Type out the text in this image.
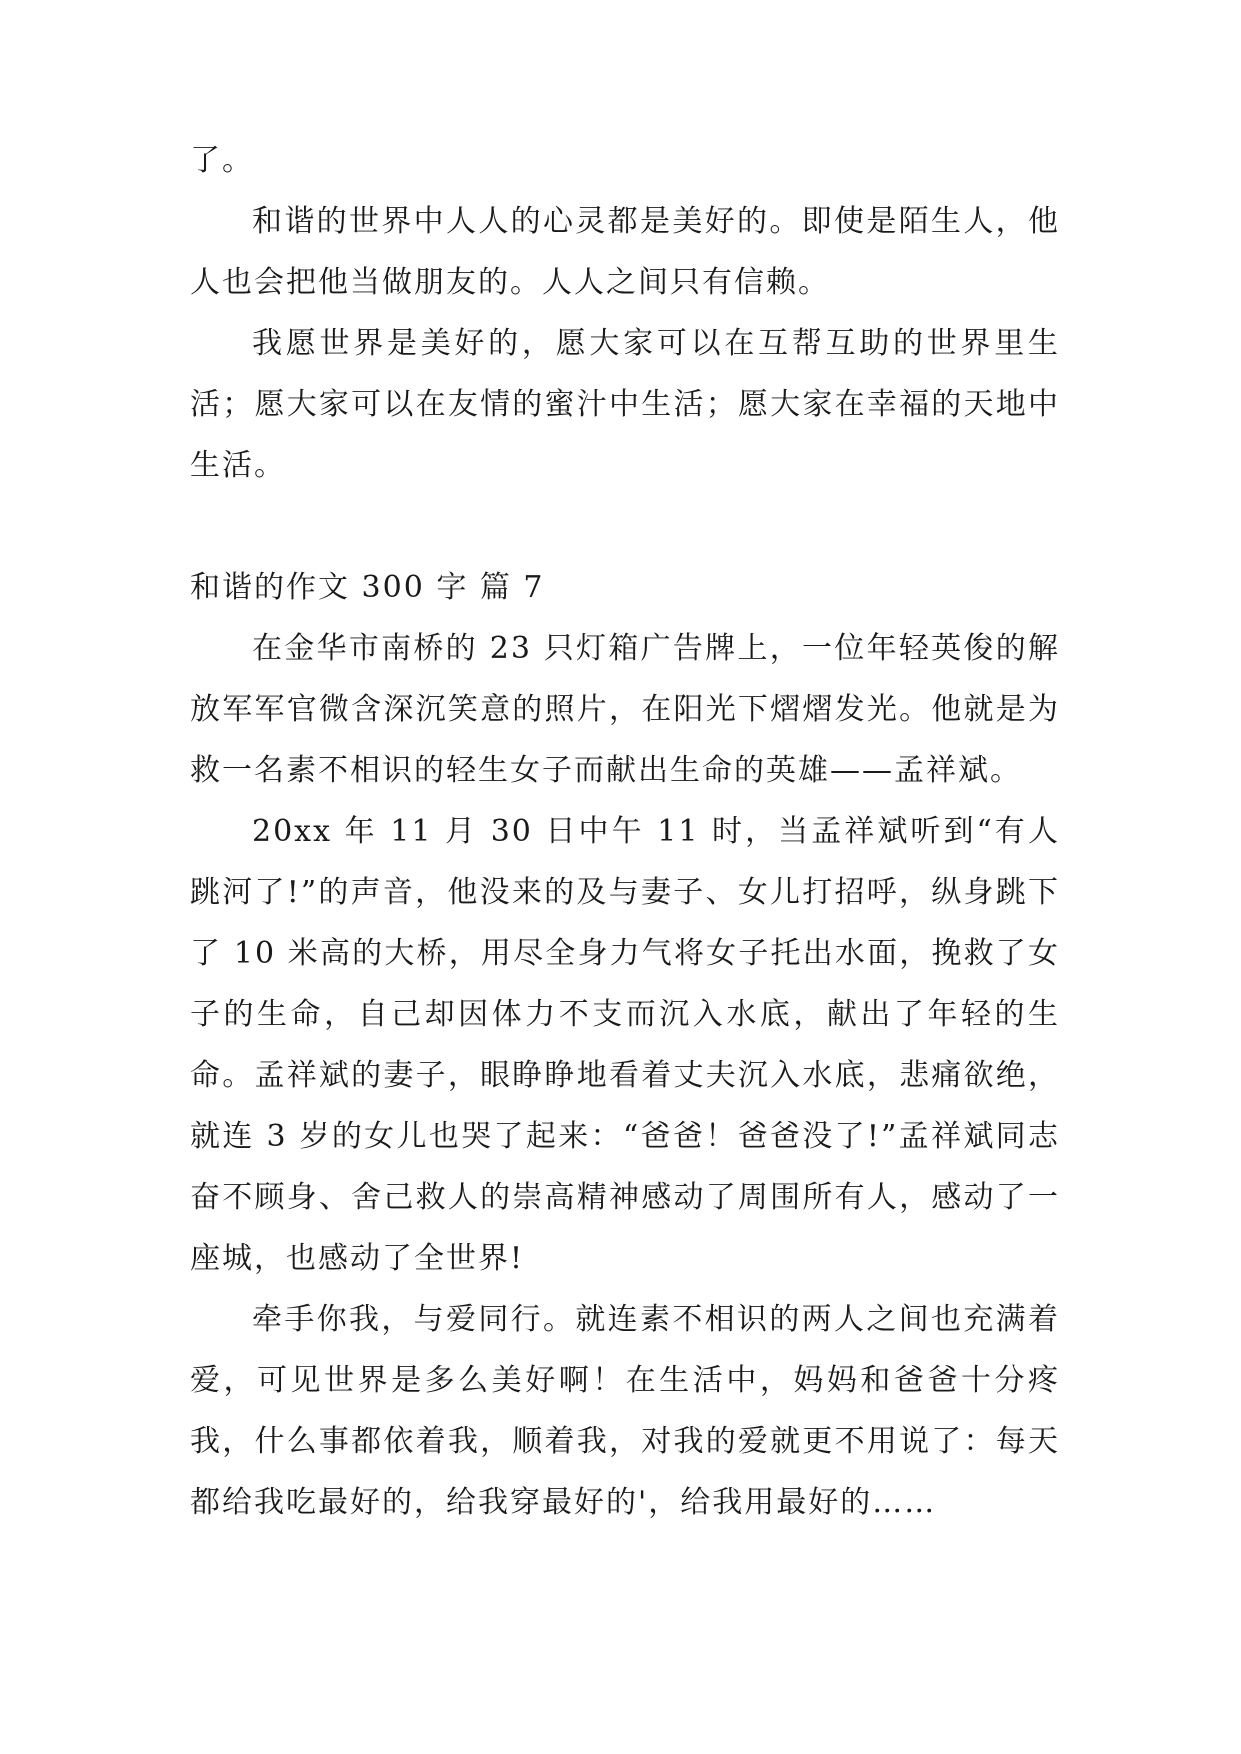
了。

和谐的世界中人人的心灵都是美好的。即使是陌生人，他人也会把他当做朋友的。人人之间只有信赖。

我愿世界是美好的，愿大家可以在互帮互助的世界里生活；愿大家可以在友情的蜜汁中生活；愿大家在幸福的天地中生活。

和谐的作文 300 字 篇 7

在金华市南桥的 23 只灯箱广告牌上，一位年轻英俊的解放军军官微含深沉笑意的照片，在阳光下熠熠发光。他就是为救一名素不相识的轻生女子而献出生命的英雄——孟祥斌。

20xx 年 11 月 30 日中午 11 时，当孟祥斌听到“有人跳河了!”的声音，他没来的及与妻子、女儿打招呼，纵身跳下了 10 米高的大桥，用尽全身力气将女子托出水面，挽救了女子的生命，自己却因体力不支而沉入水底，献出了年轻的生命。孟祥斌的妻子，眼睁睁地看着丈夫沉入水底，悲痛欲绝，就连 3 岁的女儿也哭了起来：“爸爸！爸爸没了!”孟祥斌同志奋不顾身、舍己救人的崇高精神感动了周围所有人，感动了一座城，也感动了全世界!

牵手你我，与爱同行。就连素不相识的两人之间也充满着爱，可见世界是多么美好啊！在生活中，妈妈和爸爸十分疼我，什么事都依着我，顺着我，对我的爱就更不用说了：每天都给我吃最好的，给我穿最好的'，给我用最好的……
